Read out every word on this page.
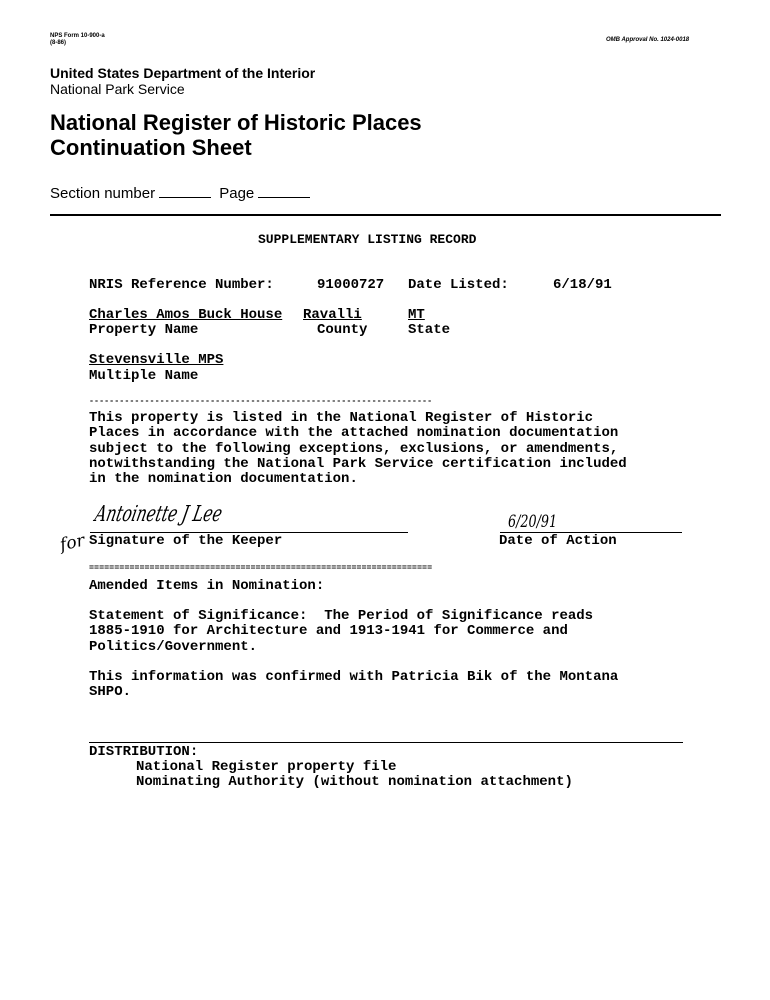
NPS Form 10-900-a
(8-86)	OMB Approval No. 1024-0018
United States Department of the Interior
National Park Service
National Register of Historic Places
Continuation Sheet
Section number	Page
SUPPLEMENTARY LISTING RECORD
NRIS Reference Number:	91000727 Date Listed:	6/18/91
Charles Amos Buck House Ravalli	MT
Property Name	County	State
Stevensville MPS
Multiple Name
--------------------------------------------------------------------
This property is listed in the National Register of Historic
Places in accordance with the attached nomination documentation
subject to the following exceptions, exclusions, or amendments,
notwithstanding the National Park Service certification included
in the nomination documentation.
Antoinette J Lee
for Signature of the Keeper
6/20/91
Date of Action
====================================================================
Amended Items in Nomination:
Statement of Significance:  The Period of Significance reads
1885-1910 for Architecture and 1913-1941 for Commerce and
Politics/Government.
This information was confirmed with Patricia Bik of the Montana
SHPO.
DISTRIBUTION:
National Register property file
Nominating Authority (without nomination attachment)
